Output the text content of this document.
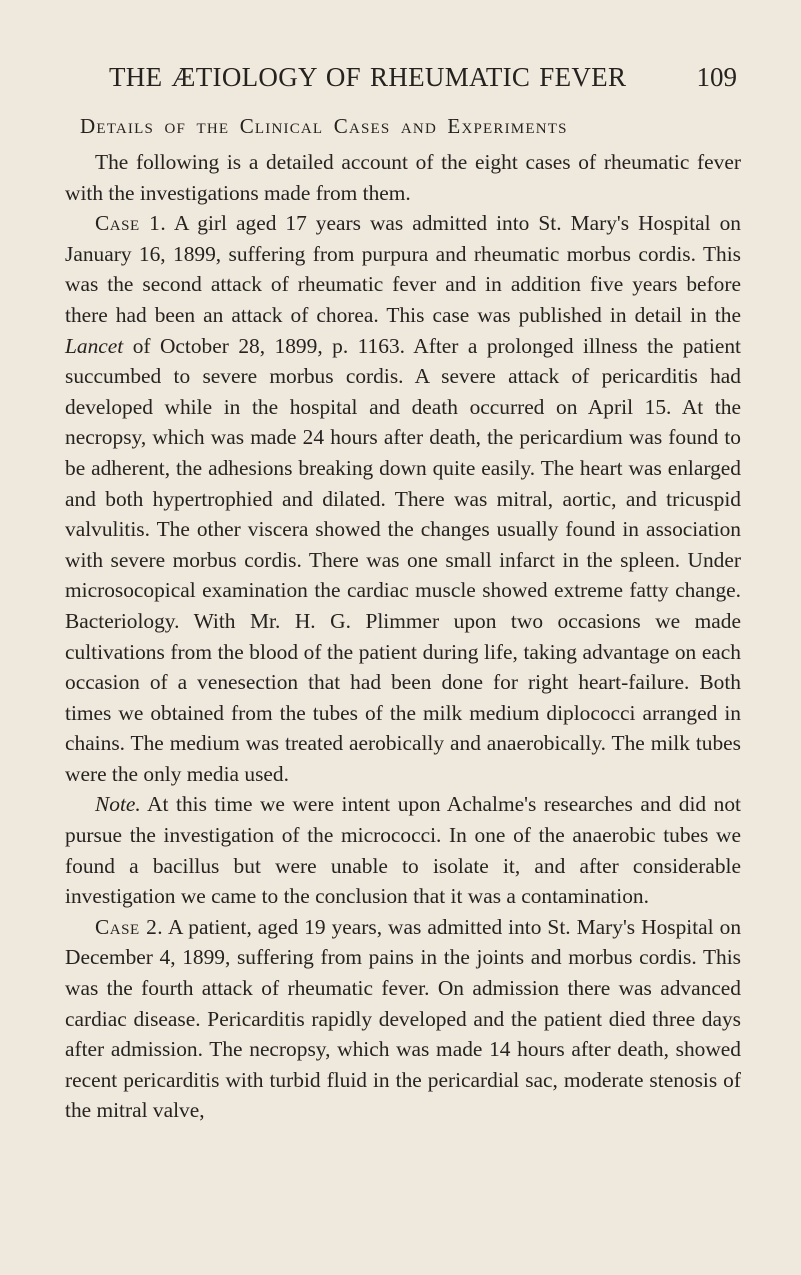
THE ÆTIOLOGY OF RHEUMATIC FEVER	109
Details of the Clinical Cases and Experiments

The following is a detailed account of the eight cases of rheumatic fever with the investigations made from them.

Case 1. A girl aged 17 years was admitted into St. Mary's Hospital on January 16, 1899, suffering from purpura and rheumatic morbus cordis. This was the second attack of rheumatic fever and in addition five years before there had been an attack of chorea. This case was published in detail in the Lancet of October 28, 1899, p. 1163. After a prolonged illness the patient succumbed to severe morbus cordis. A severe attack of pericarditis had developed while in the hospital and death occurred on April 15. At the necropsy, which was made 24 hours after death, the pericardium was found to be adherent, the adhesions breaking down quite easily. The heart was enlarged and both hypertrophied and dilated. There was mitral, aortic, and tricuspid valvulitis. The other viscera showed the changes usually found in association with severe morbus cordis. There was one small infarct in the spleen. Under microsocopical examination the cardiac muscle showed extreme fatty change. Bacteriology. With Mr. H. G. Plimmer upon two occasions we made cultivations from the blood of the patient during life, taking advantage on each occasion of a venesection that had been done for right heart-failure. Both times we obtained from the tubes of the milk medium diplococci arranged in chains. The medium was treated aerobically and anaerobically. The milk tubes were the only media used.

Note. At this time we were intent upon Achalme's researches and did not pursue the investigation of the micrococci. In one of the anaerobic tubes we found a bacillus but were unable to isolate it, and after considerable investigation we came to the conclusion that it was a contamination.

Case 2. A patient, aged 19 years, was admitted into St. Mary's Hospital on December 4, 1899, suffering from pains in the joints and morbus cordis. This was the fourth attack of rheumatic fever. On admission there was advanced cardiac disease. Pericarditis rapidly developed and the patient died three days after admission. The necropsy, which was made 14 hours after death, showed recent pericarditis with turbid fluid in the pericardial sac, moderate stenosis of the mitral valve,
